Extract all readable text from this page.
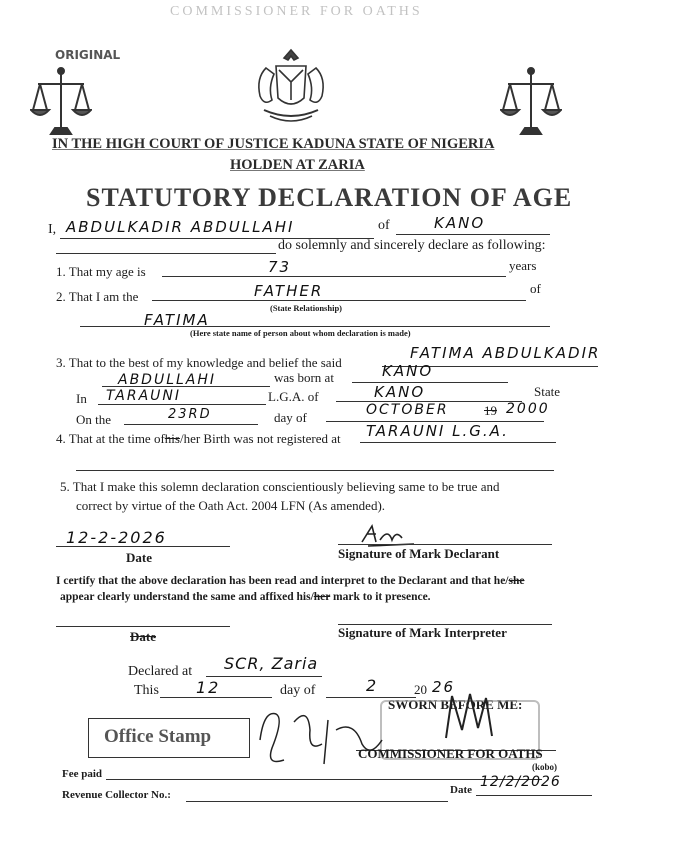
COMMISSIONER FOR OATHS
ORIGINAL
IN THE HIGH COURT OF JUSTICE KADUNA STATE OF NIGERIA
HOLDEN AT ZARIA
STATUTORY DECLARATION OF AGE
I, ABDULKADIR ABDULLAHI	of	KANO
do solemnly and sincerely declare as following:
1. That my age is	73	years
2. That I am the	FATHER	of
(State Relationship)
FATIMA
(Here state name of person about whom declaration is made)
3. That to the best of my knowledge and belief the said
FATIMA ABDULKADIR
ABDULLAHI	was born at	KANO
In TARAUNI	L.G.A. of	KANO	State
On the	23RD	day of	OCTOBER	19 2000
4. That at the time ofhis/her Birth was not registered at TARAUNI L.G.A.
5. That I make this solemn declaration conscientiously believing same to be true and
correct by virtue of the Oath Act. 2004 LFN (As amended).
12-2-2026
Date	Signature of Mark Declarant
I certify that the above declaration has been read and interpret to the Declarant and that he/she
appear clearly understand the same and affixed his/her mark to it presence.
Date	Signature of Mark Interpreter
Declared at SCR, Zaria
This 12	day of	2	20 26
SWORN BEFORE ME:
Office Stamp
COMMISSIONER FOR OATHS
Fee paid
(kobo)
Revenue Collector No.:	Date 12/2/2026
